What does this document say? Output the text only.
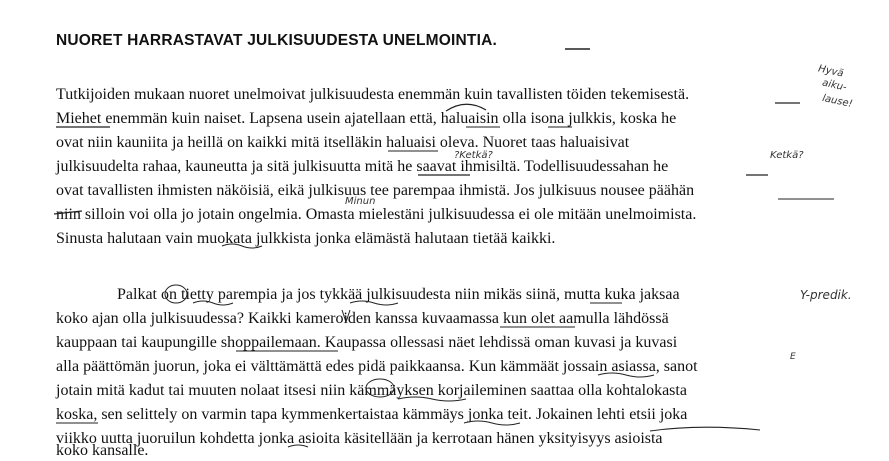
NUORET HARRASTAVAT JULKISUUDESTA UNELMOINTIA.
Tutkijoiden mukaan nuoret unelmoivat julkisuudesta enemmän kuin tavallisten töiden tekemisestä.
Miehet enemmän kuin naiset. Lapsena usein ajatellaan että, haluaisin olla isona julkkis, koska he
ovat niin kauniita ja heillä on kaikki mitä itselläkin haluaisi oleva. Nuoret taas haluaisivat
julkisuudelta rahaa, kauneutta ja sitä julkisuutta mitä he saavat ihmisiltä. Todellisuudessahan he
ovat tavallisten ihmisten näköisiä, eikä julkisuus tee parempaa ihmistä. Jos julkisuus nousee päähän
niin silloin voi olla jo jotain ongelmia. Omasta mielestäni julkisuudessa ei ole mitään unelmoimista.
Sinusta halutaan vain muokata julkkista jonka elämästä halutaan tietää kaikki.
Palkat on tietty parempia ja jos tykkää julkisuudesta niin mikäs siinä, mutta kuka jaksaa
koko ajan olla julkisuudessa? Kaikki kameroiden kanssa kuvaamassa kun olet aamulla lähdössä
kauppaan tai kaupungille shoppailemaan. Kaupassa ollessasi näet lehdissä oman kuvasi ja kuvasi
alla päättömän juorun, joka ei välttämättä edes pidä paikkaansa. Kun kämmäät jossain asiassa, sanot
jotain mitä kadut tai muuten nolaat itsesi niin kämmäyksen korjaileminen saattaa olla kohtalokasta
koska, sen selittely on varmin tapa kymmenkertaistaa kämmäys jonka teit. Jokainen lehti etsii joka
viikko uutta juoruilun kohdetta jonka asioita käsitellään ja kerrotaan hänen yksityisyys asioista
koko kansalle.
Hyvä
aiku-
lause!
?Ketkä?	Ketkä?
Minun
Y-predik.
E
